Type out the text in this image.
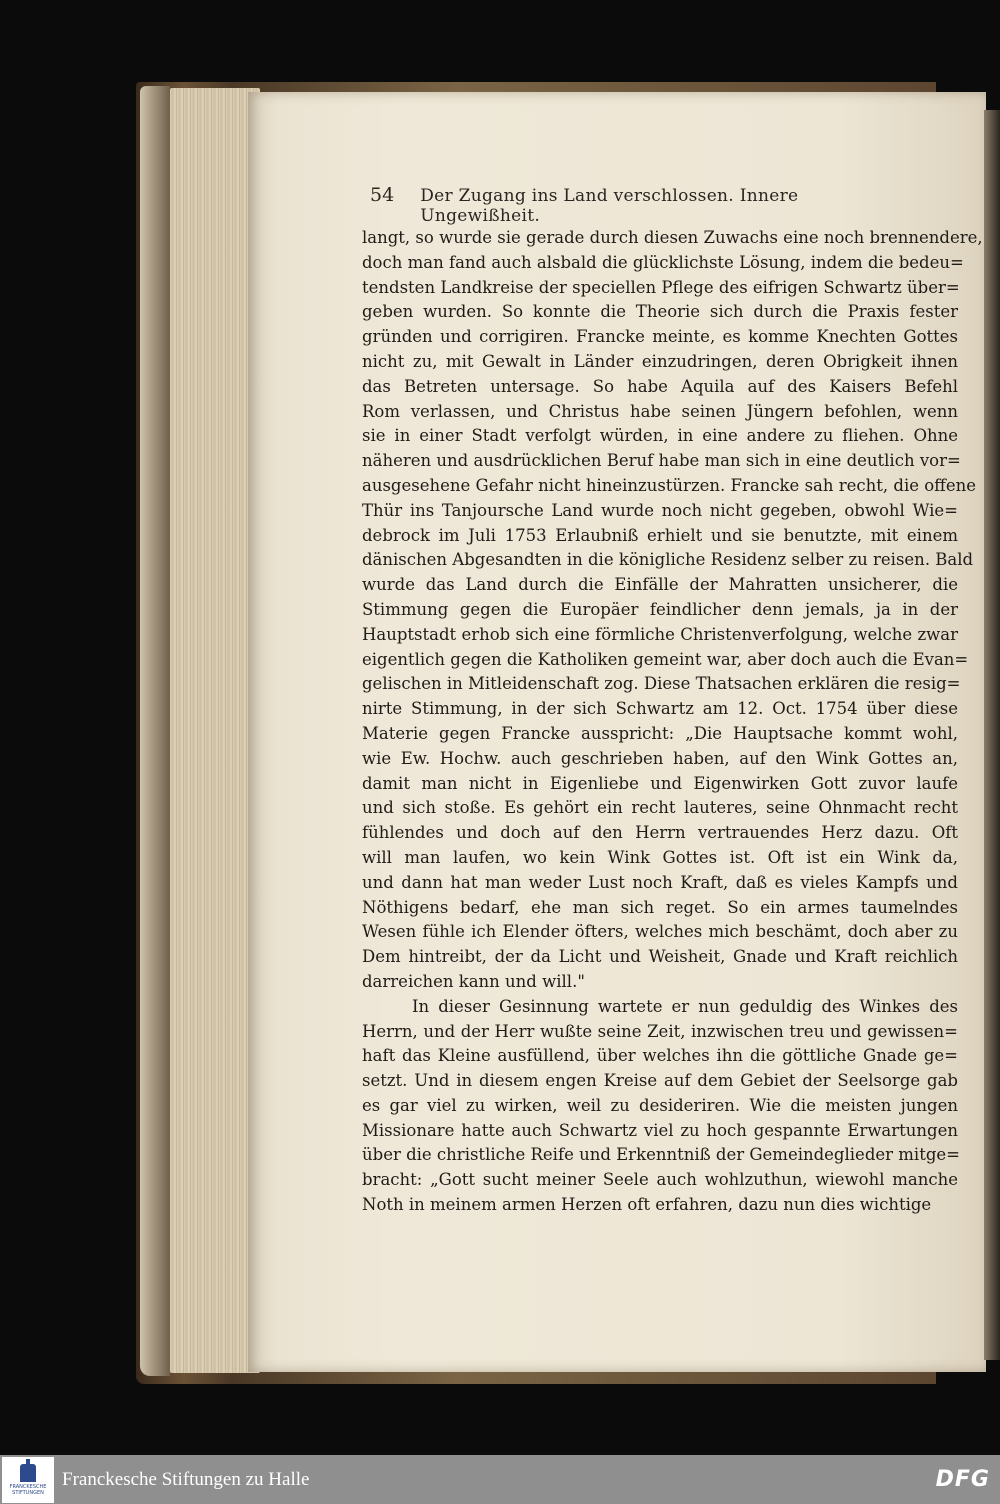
54 Der Zugang ins Land verschlossen. Innere Ungewißheit.
langt, so wurde sie gerade durch diesen Zuwachs eine noch brennendere,
doch man fand auch alsbald die glücklichste Lösung, indem die bedeu=
tendsten Landkreise der speciellen Pflege des eifrigen Schwartz über=
geben wurden. So konnte die Theorie sich durch die Praxis fester
gründen und corrigiren. Francke meinte, es komme Knechten Gottes
nicht zu, mit Gewalt in Länder einzudringen, deren Obrigkeit ihnen
das Betreten untersage. So habe Aquila auf des Kaisers Befehl
Rom verlassen, und Christus habe seinen Jüngern befohlen, wenn
sie in einer Stadt verfolgt würden, in eine andere zu fliehen. Ohne
näheren und ausdrücklichen Beruf habe man sich in eine deutlich vor=
ausgesehene Gefahr nicht hineinzustürzen. Francke sah recht, die offene
Thür ins Tanjoursche Land wurde noch nicht gegeben, obwohl Wie=
debrock im Juli 1753 Erlaubniß erhielt und sie benutzte, mit einem
dänischen Abgesandten in die königliche Residenz selber zu reisen. Bald
wurde das Land durch die Einfälle der Mahratten unsicherer, die
Stimmung gegen die Europäer feindlicher denn jemals, ja in der
Hauptstadt erhob sich eine förmliche Christenverfolgung, welche zwar
eigentlich gegen die Katholiken gemeint war, aber doch auch die Evan=
gelischen in Mitleidenschaft zog. Diese Thatsachen erklären die resig=
nirte Stimmung, in der sich Schwartz am 12. Oct. 1754 über diese
Materie gegen Francke ausspricht: „Die Hauptsache kommt wohl,
wie Ew. Hochw. auch geschrieben haben, auf den Wink Gottes an,
damit man nicht in Eigenliebe und Eigenwirken Gott zuvor laufe
und sich stoße. Es gehört ein recht lauteres, seine Ohnmacht recht
fühlendes und doch auf den Herrn vertrauendes Herz dazu. Oft
will man laufen, wo kein Wink Gottes ist. Oft ist ein Wink da,
und dann hat man weder Lust noch Kraft, daß es vieles Kampfs und
Nöthigens bedarf, ehe man sich reget. So ein armes taumelndes
Wesen fühle ich Elender öfters, welches mich beschämt, doch aber zu
Dem hintreibt, der da Licht und Weisheit, Gnade und Kraft reichlich
darreichen kann und will."
In dieser Gesinnung wartete er nun geduldig des Winkes des
Herrn, und der Herr wußte seine Zeit, inzwischen treu und gewissen=
haft das Kleine ausfüllend, über welches ihn die göttliche Gnade ge=
setzt. Und in diesem engen Kreise auf dem Gebiet der Seelsorge gab
es gar viel zu wirken, weil zu desideriren. Wie die meisten jungen
Missionare hatte auch Schwartz viel zu hoch gespannte Erwartungen
über die christliche Reife und Erkenntniß der Gemeindeglieder mitge=
bracht: „Gott sucht meiner Seele auch wohlzuthun, wiewohl manche
Noth in meinem armen Herzen oft erfahren, dazu nun dies wichtige
FRANCKESCHE STIFTUNGEN
Franckesche Stiftungen zu Halle	DFG
